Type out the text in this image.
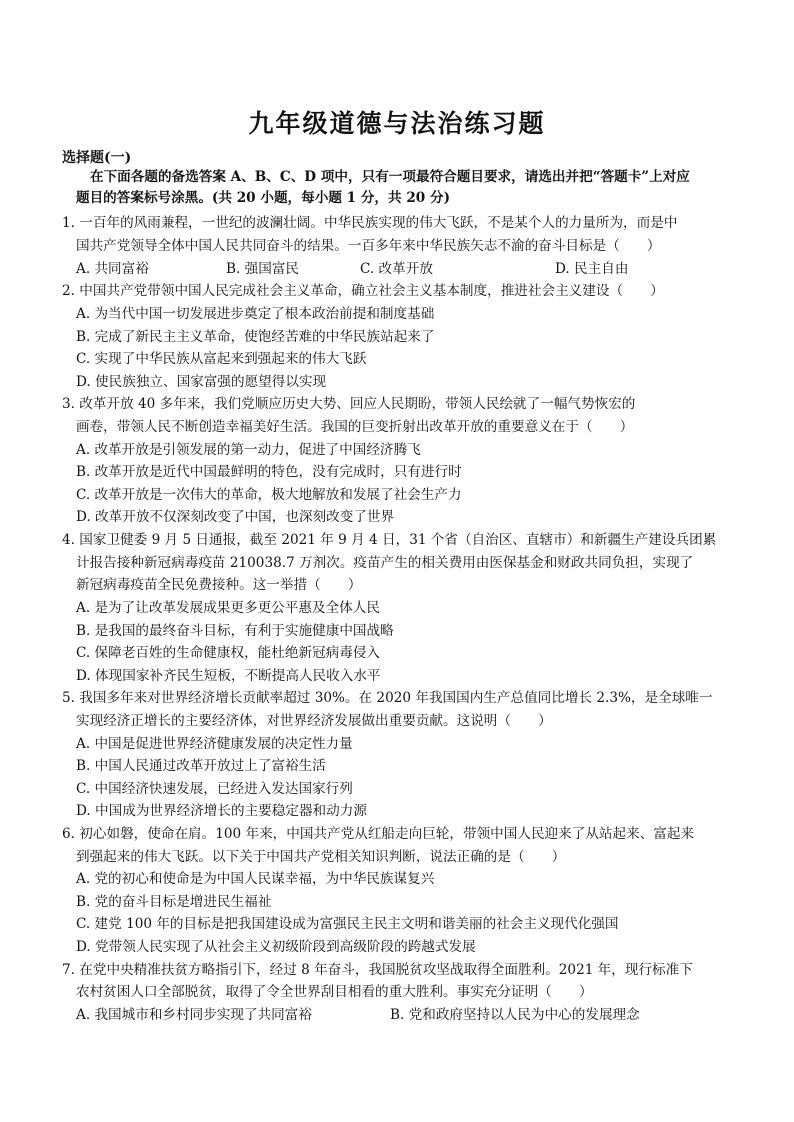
九年级道德与法治练习题
选择题(一)
在下面各题的备选答案 A、B、C、D 项中，只有一项最符合题目要求，请选出并把“答题卡”上对应
题目的答案标号涂黑。(共 20 小题，每小题 1 分，共 20 分)
1. 一百年的风雨兼程，一世纪的波澜壮阔。中华民族实现的伟大飞跃，不是某个人的力量所为，而是中
国共产党领导全体中国人民共同奋斗的结果。一百多年来中华民族矢志不渝的奋斗目标是（　　）
A. 共同富裕	B. 强国富民	C. 改革开放	D. 民主自由
2. 中国共产党带领中国人民完成社会主义革命，确立社会主义基本制度，推进社会主义建设（　　）
A. 为当代中国一切发展进步奠定了根本政治前提和制度基础
B. 完成了新民主主义革命，使饱经苦难的中华民族站起来了
C. 实现了中华民族从富起来到强起来的伟大飞跃
D. 使民族独立、国家富强的愿望得以实现
3. 改革开放 40 多年来，我们党顺应历史大势、回应人民期盼，带领人民绘就了一幅气势恢宏的
画卷，带领人民不断创造幸福美好生活。我国的巨变折射出改革开放的重要意义在于（　　）
A. 改革开放是引领发展的第一动力，促进了中国经济腾飞
B. 改革开放是近代中国最鲜明的特色，没有完成时，只有进行时
C. 改革开放是一次伟大的革命，极大地解放和发展了社会生产力
D. 改革开放不仅深刻改变了中国，也深刻改变了世界
4. 国家卫健委 9 月 5 日通报，截至 2021 年 9 月 4 日，31 个省（自治区、直辖市）和新疆生产建设兵团累
计报告接种新冠病毒疫苗 210038.7 万剂次。疫苗产生的相关费用由医保基金和财政共同负担，实现了
新冠病毒疫苗全民免费接种。这一举措（　　）
A. 是为了让改革发展成果更多更公平惠及全体人民
B. 是我国的最终奋斗目标，有利于实施健康中国战略
C. 保障老百姓的生命健康权，能杜绝新冠病毒侵入
D. 体现国家补齐民生短板，不断提高人民收入水平
5. 我国多年来对世界经济增长贡献率超过 30%。在 2020 年我国国内生产总值同比增长 2.3%，是全球唯一
实现经济正增长的主要经济体，对世界经济发展做出重要贡献。这说明（　　）
A. 中国是促进世界经济健康发展的决定性力量
B. 中国人民通过改革开放过上了富裕生活
C. 中国经济快速发展，已经进入发达国家行列
D. 中国成为世界经济增长的主要稳定器和动力源
6. 初心如磐，使命在肩。100 年来，中国共产党从红船走向巨轮，带领中国人民迎来了从站起来、富起来
到强起来的伟大飞跃。以下关于中国共产党相关知识判断，说法正确的是（　　）
A. 党的初心和使命是为中国人民谋幸福，为中华民族谋复兴
B. 党的奋斗目标是增进民生福祉
C. 建党 100 年的目标是把我国建设成为富强民主民主文明和谐美丽的社会主义现代化强国
D. 党带领人民实现了从社会主义初级阶段到高级阶段的跨越式发展
7. 在党中央精准扶贫方略指引下，经过 8 年奋斗，我国脱贫攻坚战取得全面胜利。2021 年，现行标准下
农村贫困人口全部脱贫，取得了令全世界刮目相看的重大胜利。事实充分证明（　　）
A. 我国城市和乡村同步实现了共同富裕	B. 党和政府坚持以人民为中心的发展理念
